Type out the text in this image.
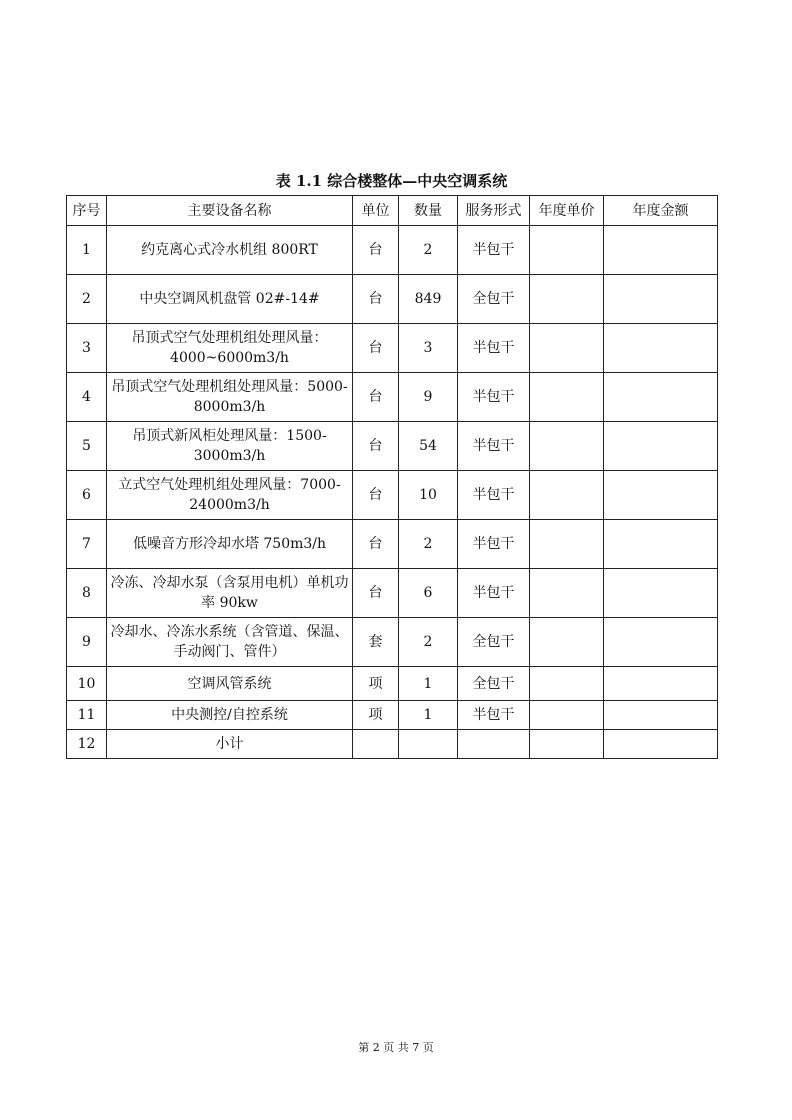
表 1.1 综合楼整体—中央空调系统
序号	主要设备名称	单位	数量	服务形式	年度单价	年度金额
1	约克离心式冷水机组 800RT	台	2	半包干		
2	中央空调风机盘管 02#-14#	台	849	全包干		
3	吊顶式空气处理机组处理风量：4000~6000m3/h	台	3	半包干		
4	吊顶式空气处理机组处理风量：5000-8000m3/h	台	9	半包干		
5	吊顶式新风柜处理风量：1500-3000m3/h	台	54	半包干		
6	立式空气处理机组处理风量：7000-24000m3/h	台	10	半包干		
7	低噪音方形冷却水塔 750m3/h	台	2	半包干		
8	冷冻、冷却水泵（含泵用电机）单机功率 90kw	台	6	半包干		
9	冷却水、冷冻水系统（含管道、保温、手动阀门、管件）	套	2	全包干		
10	空调风管系统	项	1	全包干		
11	中央测控/自控系统	项	1	半包干		
12	小计					
第 2 页 共 7 页
